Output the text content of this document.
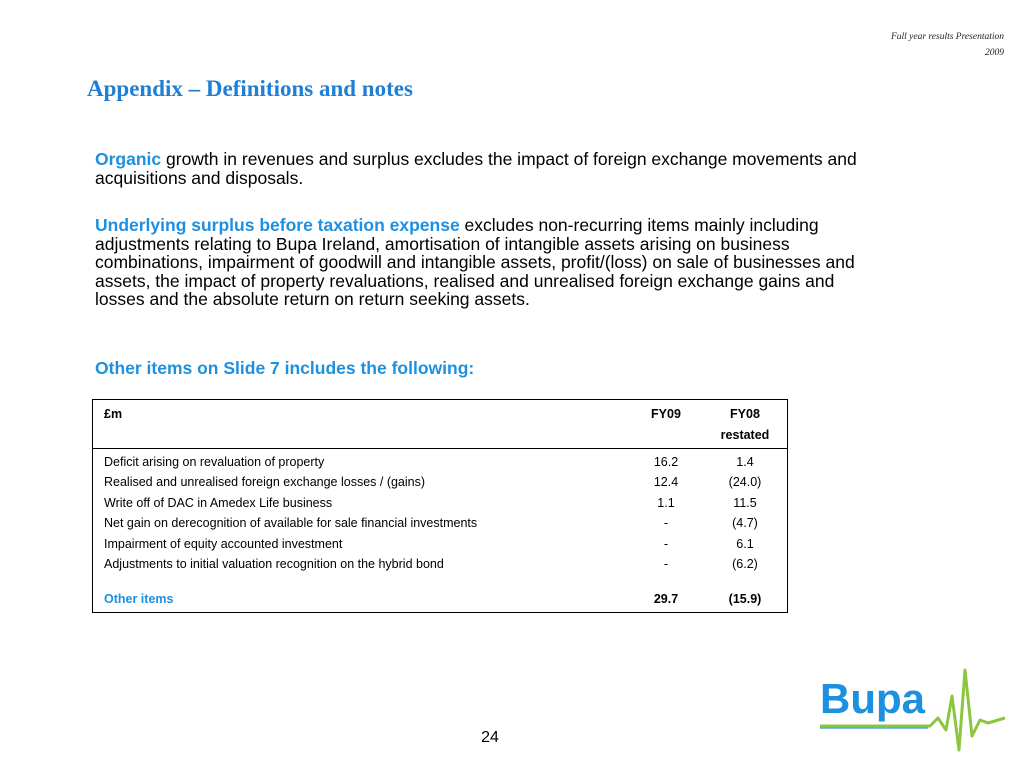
Full year results Presentation
2009
Appendix – Definitions and notes

Organic growth in revenues and surplus excludes the impact of foreign exchange movements and acquisitions and disposals.

Underlying surplus before taxation expense excludes non-recurring items mainly including adjustments relating to Bupa Ireland, amortisation of intangible assets arising on business combinations, impairment of goodwill and intangible assets, profit/(loss) on sale of businesses and assets, the impact of property revaluations, realised and unrealised foreign exchange gains and losses and the absolute return on return seeking assets.

Other items on Slide 7 includes the following:

£m	FY09	FY08
restated
Deficit arising on revaluation of property	16.2	1.4
Realised and unrealised foreign exchange losses / (gains)	12.4	(24.0)
Write off of DAC in Amedex Life business	1.1	11.5
Net gain on derecognition of available for sale financial investments	-	(4.7)
Impairment of equity accounted investment	-	6.1
Adjustments to initial valuation recognition on the hybrid bond	-	(6.2)
Other items	29.7	(15.9)
24
Bupa
